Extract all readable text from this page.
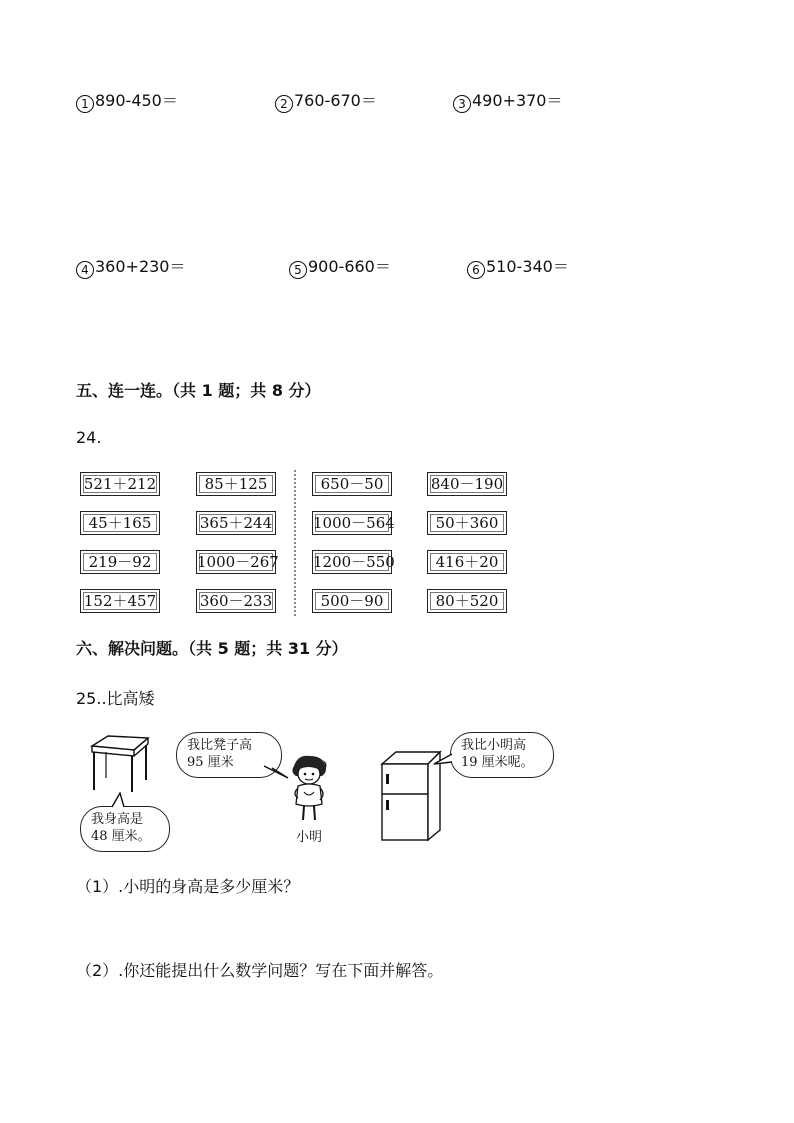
1 890-450＝	2 760-670＝	3 490+370＝
4 360+230＝	5 900-660＝	6 510-340＝
五、连一连。（共 1 题；共 8 分）
24.
521＋212	85＋125	650－50	840－190
45＋165	365＋244	1000－564	50＋360
219－92	1000－267 1200－550	416＋20
152＋457	360－233	500－90	80＋520
六、解决问题。（共 5 题；共 31 分）
25..比高矮
我身高是
48 厘米。
我比凳子高
95 厘米
小明
我比小明高
19 厘米呢。
（1）.小明的身高是多少厘米？
（2）.你还能提出什么数学问题？写在下面并解答。
